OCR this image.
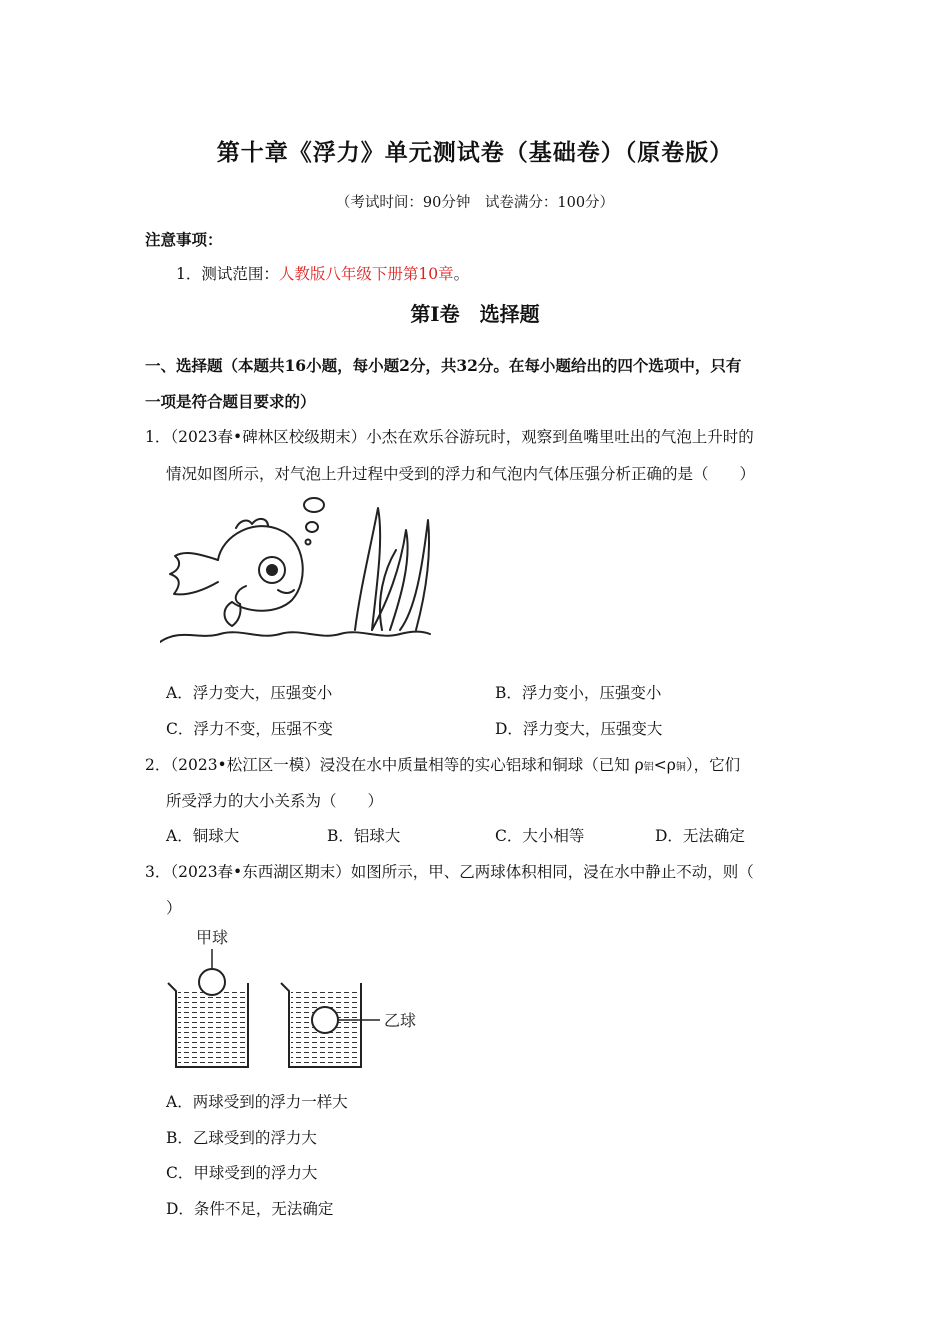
第十章《浮力》单元测试卷（基础卷）（原卷版）
（考试时间：90分钟　试卷满分：100分）
注意事项：
1．测试范围：人教版八年级下册第10章。
第Ⅰ卷　选择题
一、选择题（本题共16小题，每小题2分，共32分。在每小题给出的四个选项中，只有
一项是符合题目要求的）
1．（2023春•碑林区校级期末）小杰在欢乐谷游玩时，观察到鱼嘴里吐出的气泡上升时的
情况如图所示，对气泡上升过程中受到的浮力和气泡内气体压强分析正确的是（　　）
A．浮力变大，压强变小	B．浮力变小，压强变小
C．浮力不变，压强不变	D．浮力变大，压强变大
2．（2023•松江区一模）浸没在水中质量相等的实心铝球和铜球（已知 ρ铝<ρ铜），它们
所受浮力的大小关系为（　　）
A．铜球大	B．铝球大	C．大小相等	D．无法确定
3．（2023春•东西湖区期末）如图所示，甲、乙两球体积相同，浸在水中静止不动，则（
）
甲球
乙球
A．两球受到的浮力一样大
B．乙球受到的浮力大
C．甲球受到的浮力大
D．条件不足，无法确定
